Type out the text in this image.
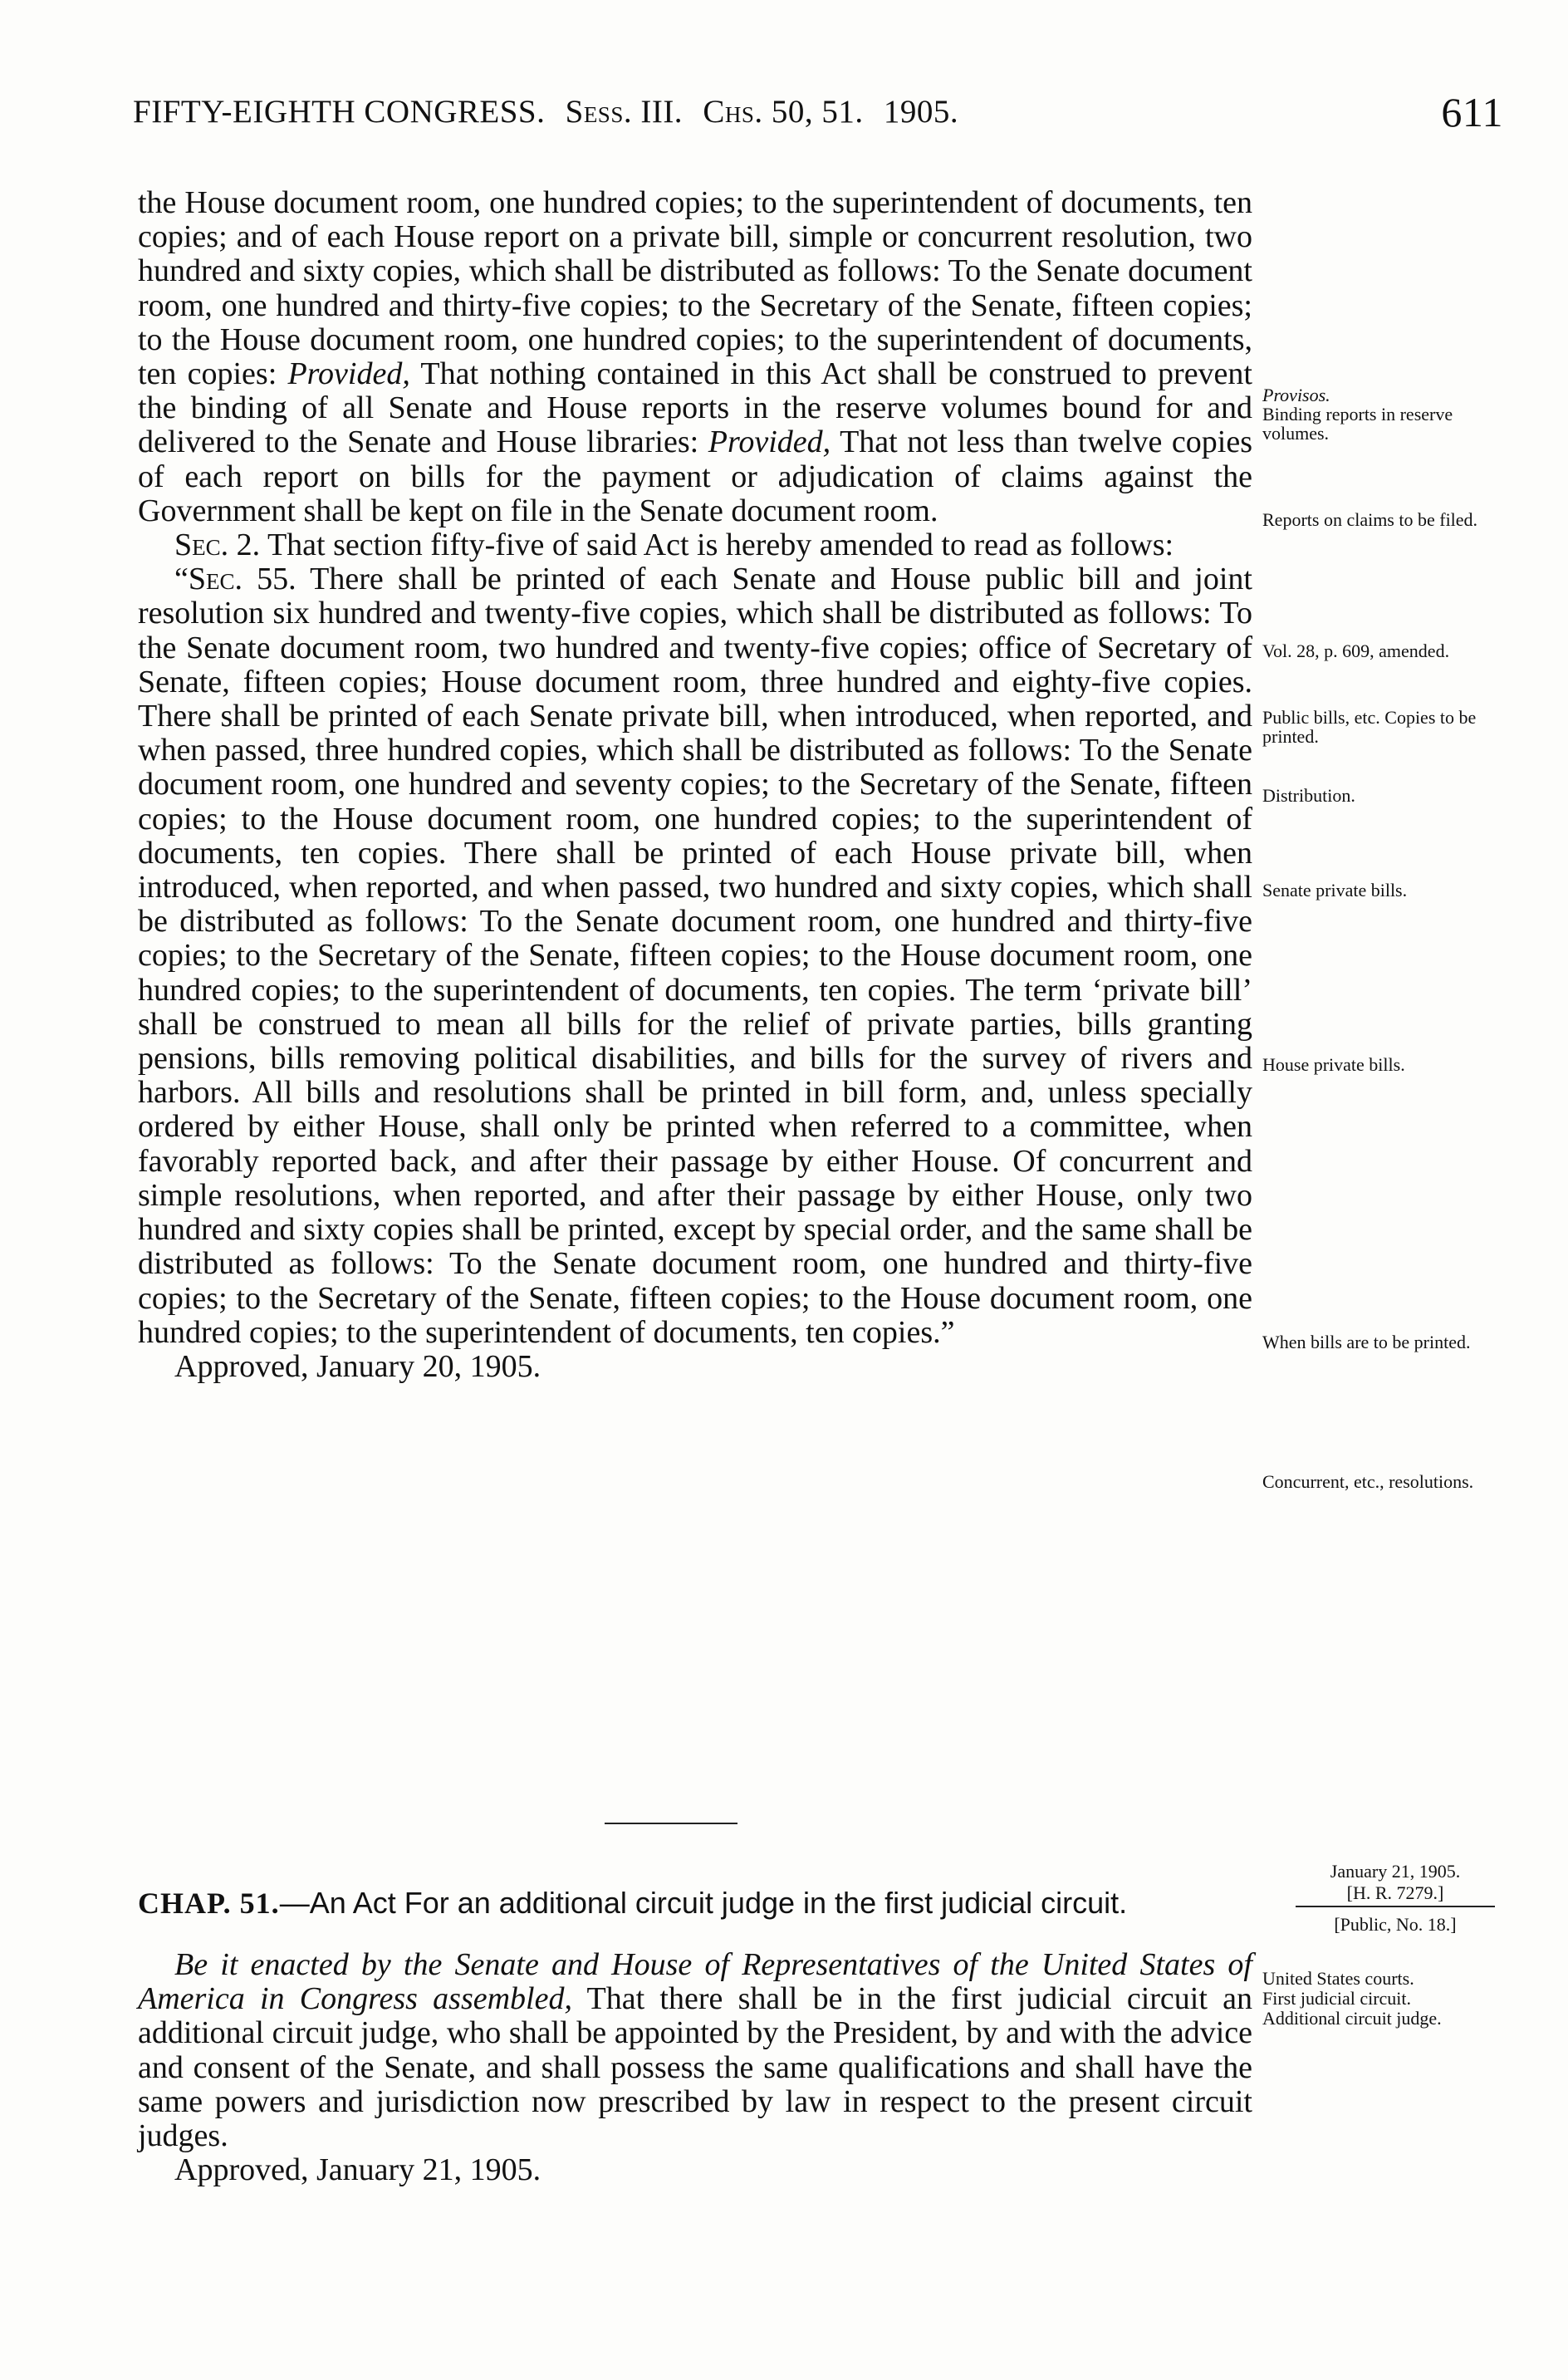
FIFTY-EIGHTH CONGRESS. Sess. III. Chs. 50, 51. 1905.	611

the House document room, one hundred copies; to the superintendent of documents, ten copies; and of each House report on a private bill, simple or concurrent resolution, two hundred and sixty copies, which shall be distributed as follows: To the Senate document room, one hundred and thirty-five copies; to the Secretary of the Senate, fifteen copies; to the House document room, one hundred copies; to the superintendent of documents, ten copies: Provided, That nothing contained in this Act shall be construed to prevent the binding of all Senate and House reports in the reserve volumes bound for and delivered to the Senate and House libraries: Provided, That not less than twelve copies of each report on bills for the payment or adjudication of claims against the Government shall be kept on file in the Senate document room.

Sec. 2. That section fifty-five of said Act is hereby amended to read as follows:

“Sec. 55. There shall be printed of each Senate and House public bill and joint resolution six hundred and twenty-five copies, which shall be distributed as follows: To the Senate document room, two hundred and twenty-five copies; office of Secretary of Senate, fifteen copies; House document room, three hundred and eighty-five copies. There shall be printed of each Senate private bill, when introduced, when reported, and when passed, three hundred copies, which shall be distributed as follows: To the Senate document room, one hundred and seventy copies; to the Secretary of the Senate, fifteen copies; to the House document room, one hundred copies; to the superintendent of documents, ten copies. There shall be printed of each House private bill, when introduced, when reported, and when passed, two hundred and sixty copies, which shall be distributed as follows: To the Senate document room, one hundred and thirty-five copies; to the Secretary of the Senate, fifteen copies; to the House document room, one hundred copies; to the superintendent of documents, ten copies. The term ‘private bill’ shall be construed to mean all bills for the relief of private parties, bills granting pensions, bills removing political disabilities, and bills for the survey of rivers and harbors. All bills and resolutions shall be printed in bill form, and, unless specially ordered by either House, shall only be printed when referred to a committee, when favorably reported back, and after their passage by either House. Of concurrent and simple resolutions, when reported, and after their passage by either House, only two hundred and sixty copies shall be printed, except by special order, and the same shall be distributed as follows: To the Senate document room, one hundred and thirty-five copies; to the Secretary of the Senate, fifteen copies; to the House document room, one hundred copies; to the superintendent of documents, ten copies.”

Approved, January 20, 1905.

Provisos.
Binding reports in reserve volumes.
Reports on claims to be filed.
Vol. 28, p. 609, amended.
Public bills, etc. Copies to be printed.
Distribution.
Senate private bills.
House private bills.
When bills are to be printed.
Concurrent, etc., resolutions.
January 21, 1905.
[H. R. 7279.]
[Public, No. 18.]
CHAP. 51.—An Act For an additional circuit judge in the first judicial circuit.

Be it enacted by the Senate and House of Representatives of the United States of America in Congress assembled, That there shall be in the first judicial circuit an additional circuit judge, who shall be appointed by the President, by and with the advice and consent of the Senate, and shall possess the same qualifications and shall have the same powers and jurisdiction now prescribed by law in respect to the present circuit judges.

Approved, January 21, 1905.

United States courts.
First judicial circuit.
Additional circuit judge.
